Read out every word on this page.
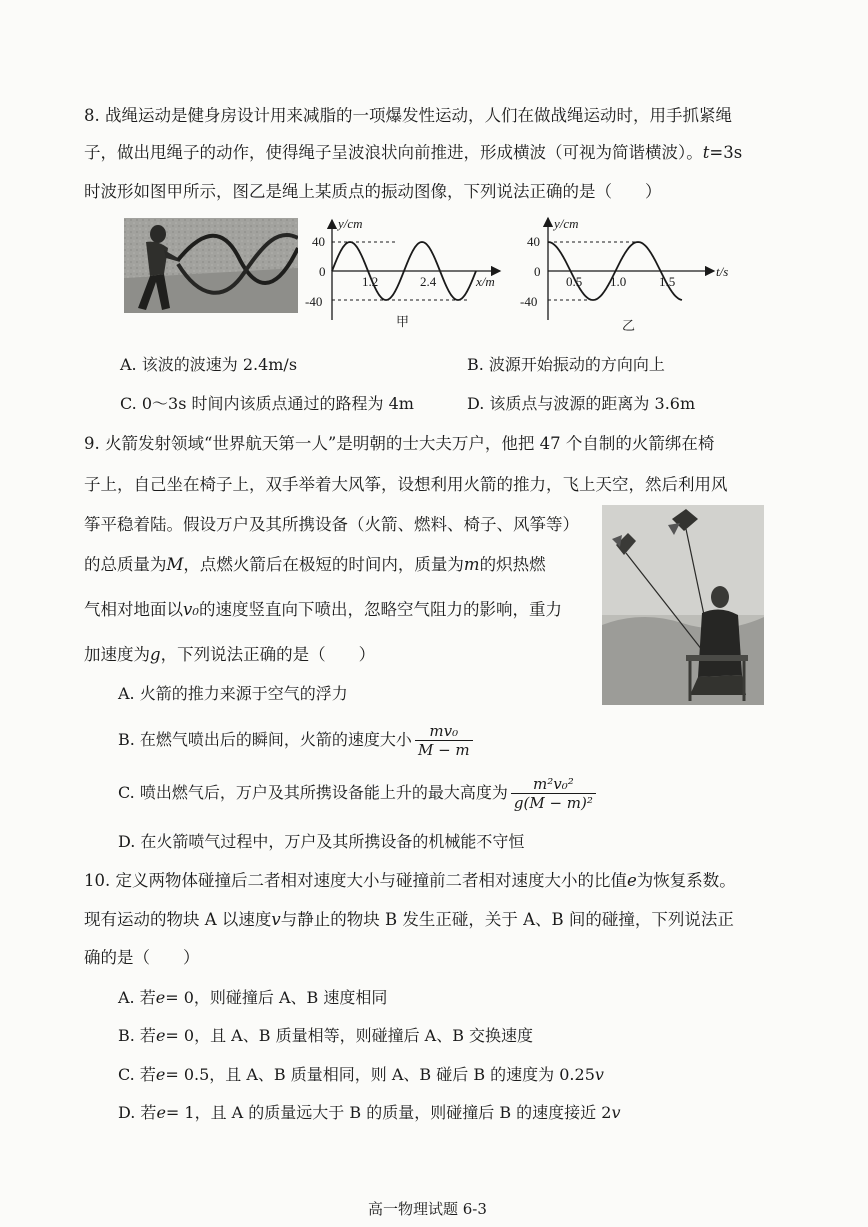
8. 战绳运动是健身房设计用来减脂的一项爆发性运动，人们在做战绳运动时，用手抓紧绳
子，做出甩绳子的动作，使得绳子呈波浪状向前推进，形成横波（可视为简谐横波）。t=3s
时波形如图甲所示，图乙是绳上某质点的振动图像，下列说法正确的是（　　）
y/cm
40
0
-40
1.2	2.4	x/m
甲
y/cm
40
0
-40
0.5 1.0	1.5
t/s
乙
A. 该波的波速为 2.4m/s	B. 波源开始振动的方向向上
C. 0～3s 时间内该质点通过的路程为 4m	D. 该质点与波源的距离为 3.6m
9. 火箭发射领域“世界航天第一人”是明朝的士大夫万户，他把 47 个自制的火箭绑在椅
子上，自己坐在椅子上，双手举着大风筝，设想利用火箭的推力，飞上天空，然后利用风
筝平稳着陆。假设万户及其所携设备（火箭、燃料、椅子、风筝等）
的总质量为M，点燃火箭后在极短的时间内，质量为m的炽热燃
气相对地面以v₀的速度竖直向下喷出，忽略空气阻力的影响，重力
加速度为g，下列说法正确的是（　　）
A. 火箭的推力来源于空气的浮力
B. 在燃气喷出后的瞬间，火箭的速度大小 $\frac{\text{mv₀}}{M - m}$
C. 喷出燃气后，万户及其所携设备能上升的最大高度为 $\frac{\text{m²v₀²}}{\text{g(M − m)²}}$
D. 在火箭喷气过程中，万户及其所携设备的机械能不守恒
10. 定义两物体碰撞后二者相对速度大小与碰撞前二者相对速度大小的比值e为恢复系数。
现有运动的物块 A 以速度v与静止的物块 B 发生正碰，关于 A、B 间的碰撞，下列说法正
确的是（　　）
A. 若e= 0，则碰撞后 A、B 速度相同
B. 若e= 0，且 A、B 质量相等，则碰撞后 A、B 交换速度
C. 若e= 0.5，且 A、B 质量相同，则 A、B 碰后 B 的速度为 0.25v
D. 若e= 1，且 A 的质量远大于 B 的质量，则碰撞后 B 的速度接近 2v
高一物理试题 6-3
